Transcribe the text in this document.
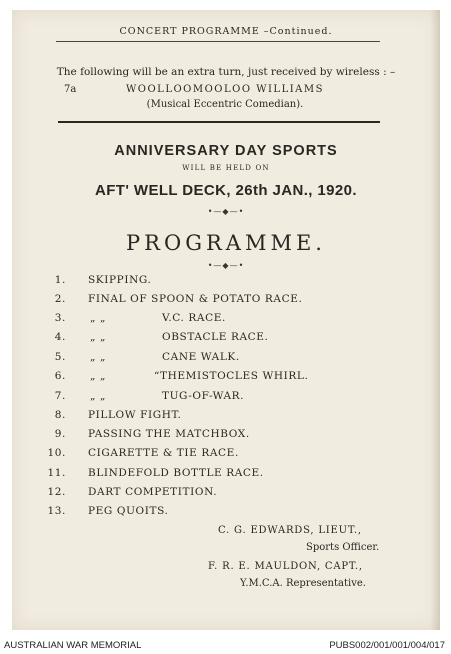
CONCERT PROGRAMME –Continued.
The following will be an extra turn, just received by wireless : –
7a	WOOLLOOMOOLOO WILLIAMS
(Musical Eccentric Comedian).
ANNIVERSARY DAY SPORTS
WILL BE HELD ON
AFT' WELL DECK, 26th JAN., 1920.
•—◆—•
PROGRAMME.
•—◆—•
1. SKIPPING.
2. FINAL OF SPOON & POTATO RACE.
3. „ „	V.C. RACE.
4. „ „	OBSTACLE RACE.
5. „ „	CANE WALK.
6. „ „	“THEMISTOCLES WHIRL.
7. „ „	TUG-OF-WAR.
8. PILLOW FIGHT.
9. PASSING THE MATCHBOX.
10. CIGARETTE & TIE RACE.
11. BLINDEFOLD BOTTLE RACE.
12. DART COMPETITION.
13. PEG QUOITS.
C. G. EDWARDS, LIEUT.,
Sports Officer.
F. R. E. MAULDON, CAPT.,
Y.M.C.A. Representative.
AUSTRALIAN WAR MEMORIAL	PUBS002/001/001/004/017
